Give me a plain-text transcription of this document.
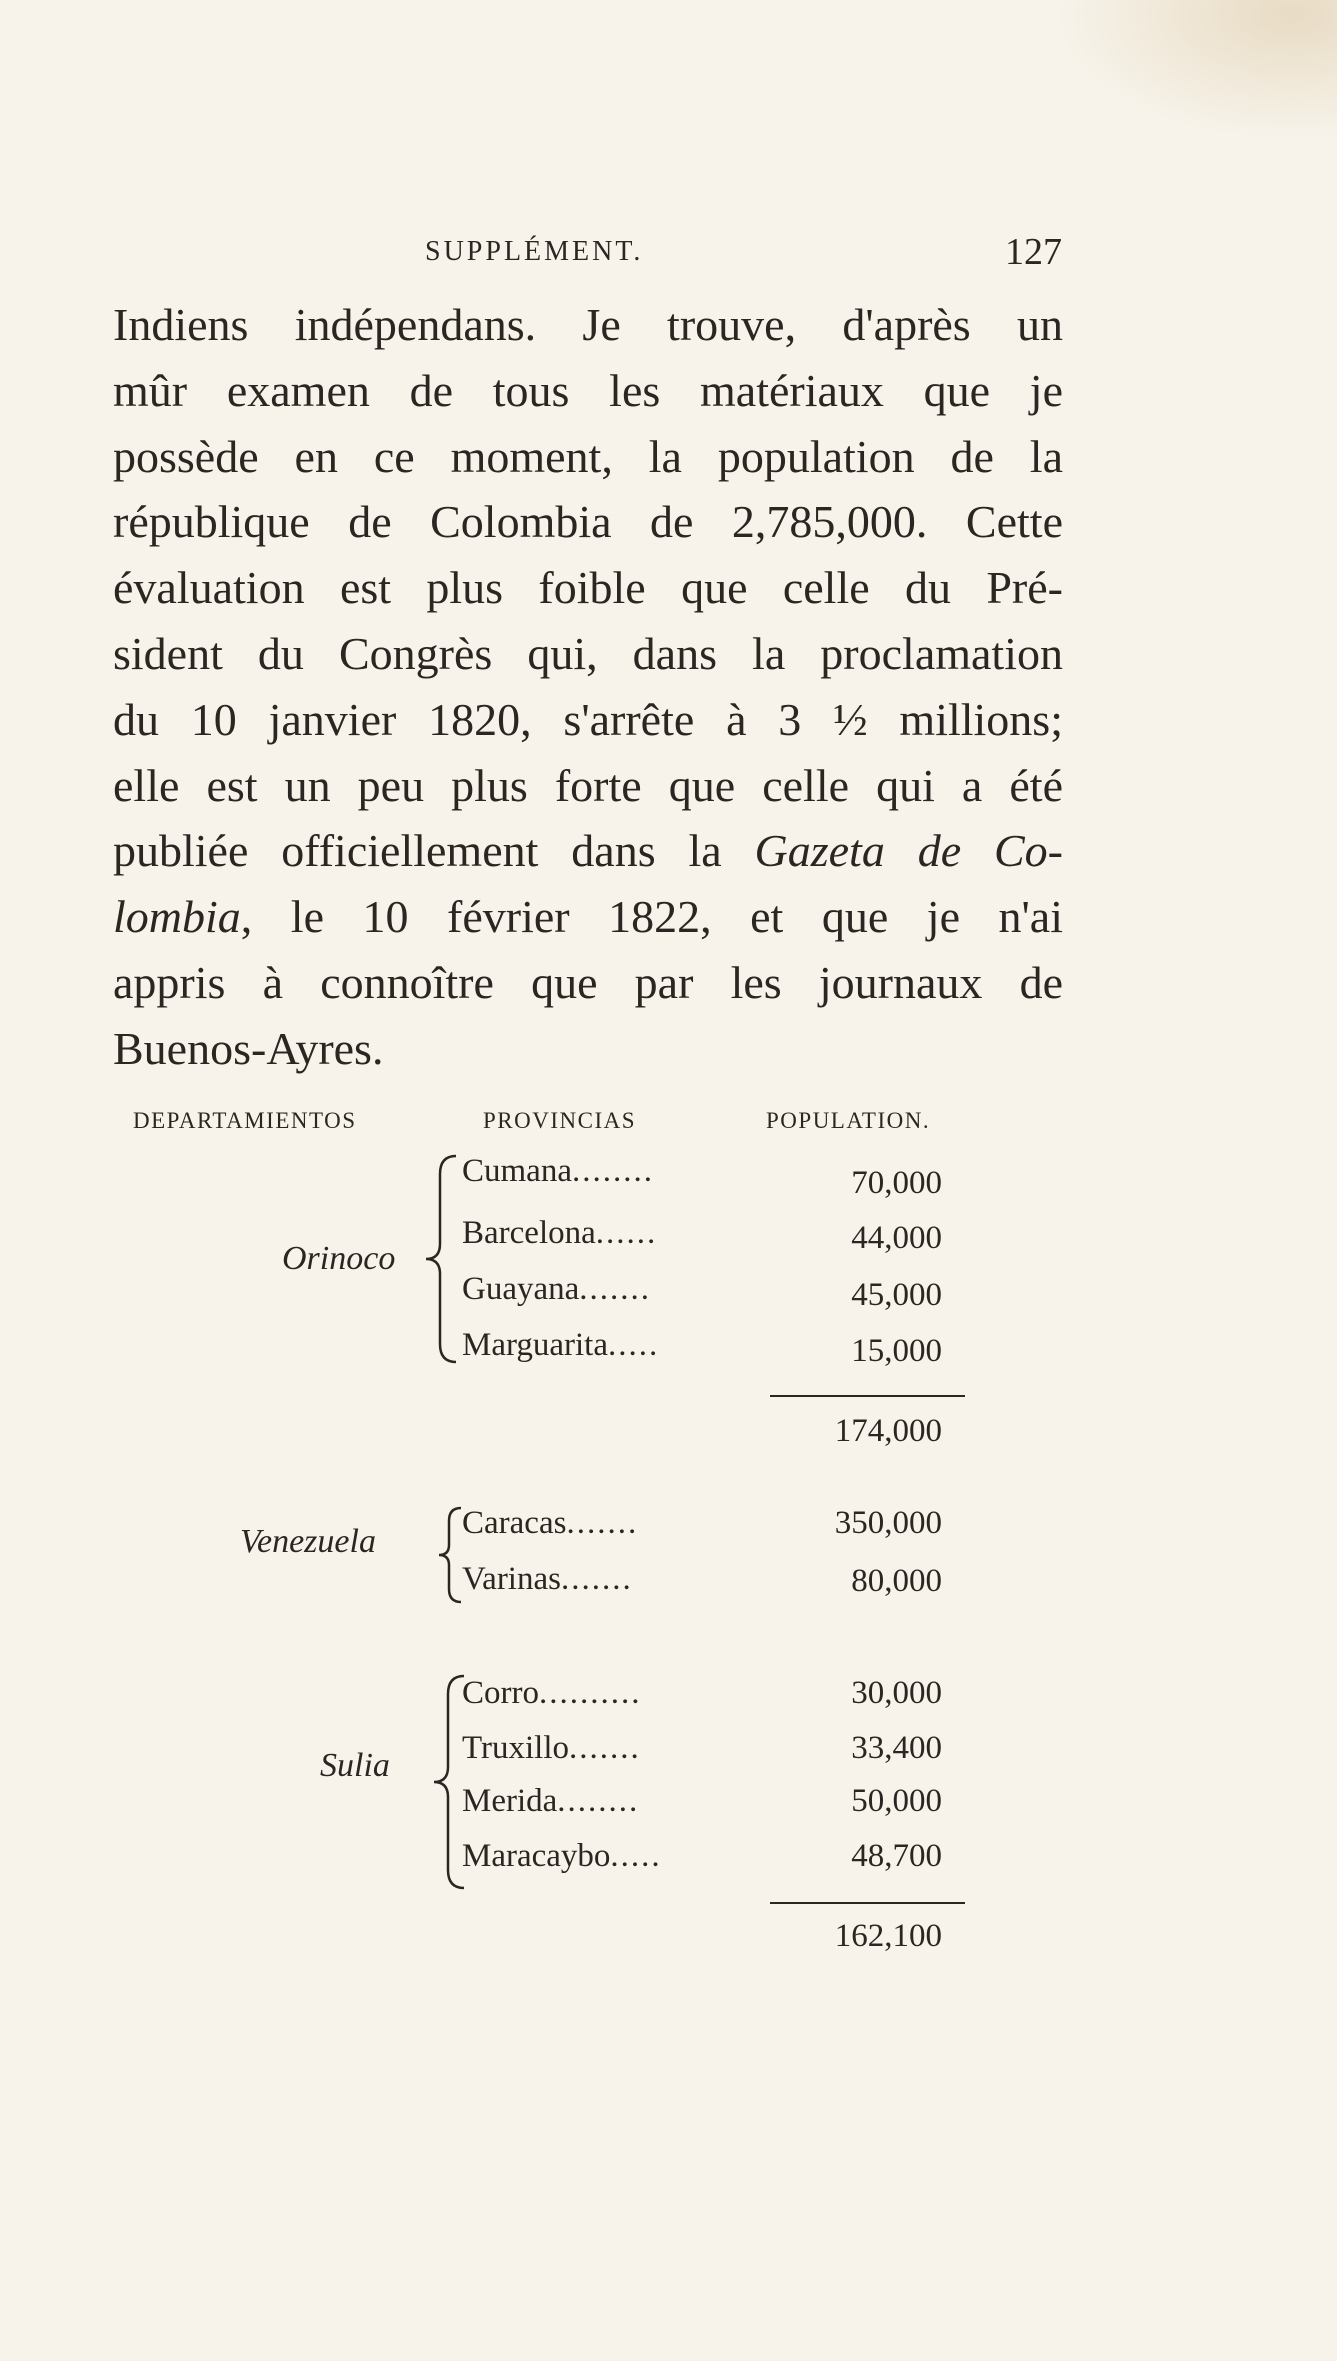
SUPPLÉMENT.	127
Indiens indépendans. Je trouve, d'après un
mûr examen de tous les matériaux que je
possède en ce moment, la population de la
république de Colombia de 2,785,000. Cette
évaluation est plus foible que celle du Pré-
sident du Congrès qui, dans la proclamation
du 10 janvier 1820, s'arrête à 3 ½ millions;
elle est un peu plus forte que celle qui a été
publiée officiellement dans la Gazeta de Co-
lombia, le 10 février 1822, et que je n'ai
appris à connoître que par les journaux de
Buenos-Ayres.
DEPARTAMIENTOS	PROVINCIAS	POPULATION.
Orinoco
Cumana........	70,000
Barcelona......	44,000
Guayana.......	45,000
Marguarita.....	15,000
174,000
Venezuela	Caracas.......	350,000
Varinas.......	80,000
Sulia
Corro..........	30,000
Truxillo.......	33,400
Merida........	50,000
Maracaybo.....	48,700
162,100
